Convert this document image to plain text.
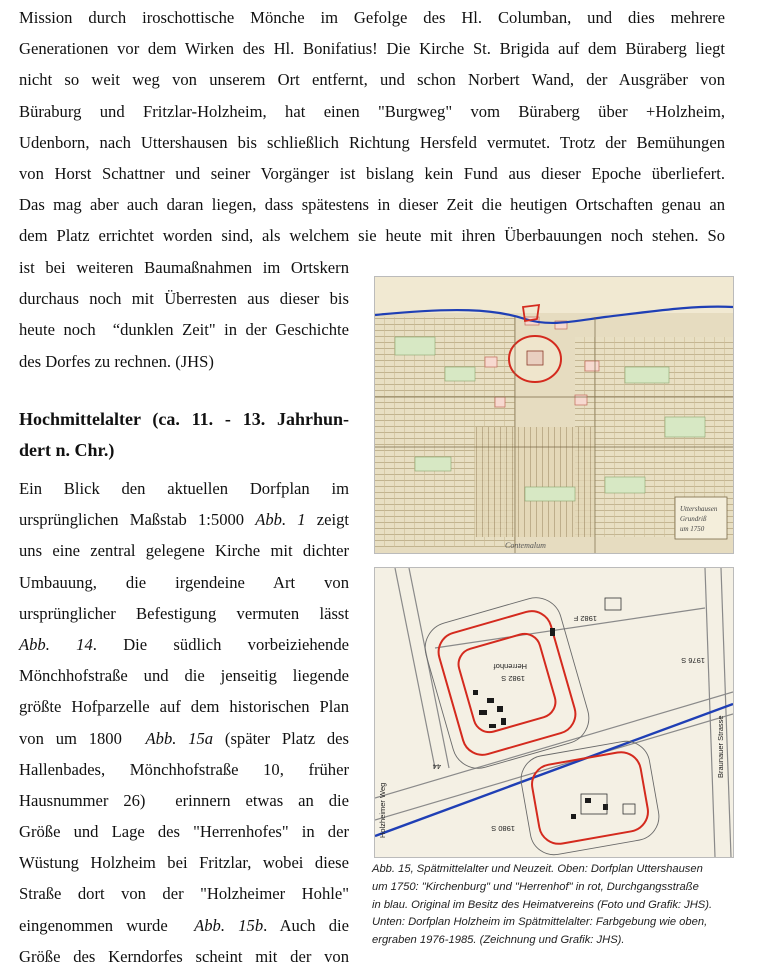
Mission durch iroschottische Mönche im Gefolge des Hl. Columban, und dies mehrere
Generationen vor dem Wirken des Hl. Bonifatius! Die Kirche St. Brigida auf dem Büraberg liegt
nicht so weit weg von unserem Ort entfernt, und schon Norbert Wand, der Ausgräber von
Büraburg und Fritzlar-Holzheim, hat einen "Burgweg" vom Büraberg über +Holzheim,
Udenborn, nach Uttershausen bis schließlich Richtung Hersfeld vermutet. Trotz der Bemühungen
von Horst Schattner und seiner Vorgänger ist bislang kein Fund aus dieser Epoche überliefert.
Das mag aber auch daran liegen, dass spätestens in dieser Zeit die heutigen Ortschaften genau an
dem Platz errichtet worden sind, als welchem sie heute mit ihren Überbauungen noch stehen. So
ist bei weiteren Baumaßnahmen im Ortskern
durchaus noch mit Überresten aus dieser bis
heute noch  “dunklen Zeit" in der Geschichte
des Dorfes zu rechnen. (JHS)
Hochmittelalter (ca. 11. - 13. Jahrhun-
dert n. Chr.)
Ein Blick den aktuellen Dorfplan im
ursprünglichen Maßstab 1:5000 Abb. 1 zeigt
uns eine zentral gelegene Kirche mit dichter
Umbauung, die irgendeine Art von
ursprünglicher Befestigung vermuten lässt
Abb. 14. Die südlich vorbeiziehende
Mönchhofstraße und die jenseitig liegende
größte Hofparzelle auf dem historischen Plan
von um 1800  Abb. 15a (später Platz des
Hallenbades, Mönchhofstraße 10, früher
Hausnummer 26)  erinnern etwas an die
Größe und Lage des "Herrenhofes" in der
Wüstung Holzheim bei Fritzlar, wobei diese
Straße dort von der "Holzheimer Hohle"
eingenommen wurde  Abb. 15b. Auch die
Größe des Kerndorfes scheint mit der von
Uttershausen
Grundriß
um 1750
Contemalum
Herrenhof
1982 S
1982 F
1976 S
1980 S
44	Braunauer Strasse
Holzheimer Weg
Abb. 15, Spätmittelalter und Neuzeit. Oben: Dorfplan Uttershausen
um 1750: "Kirchenburg" und "Herrenhof" in rot, Durchgangsstraße
in blau. Original im Besitz des Heimatvereins (Foto und Grafik: JHS).
Unten: Dorfplan Holzheim im Spätmittelalter: Farbgebung wie oben,
ergraben 1976-1985. (Zeichnung und Grafik: JHS).
